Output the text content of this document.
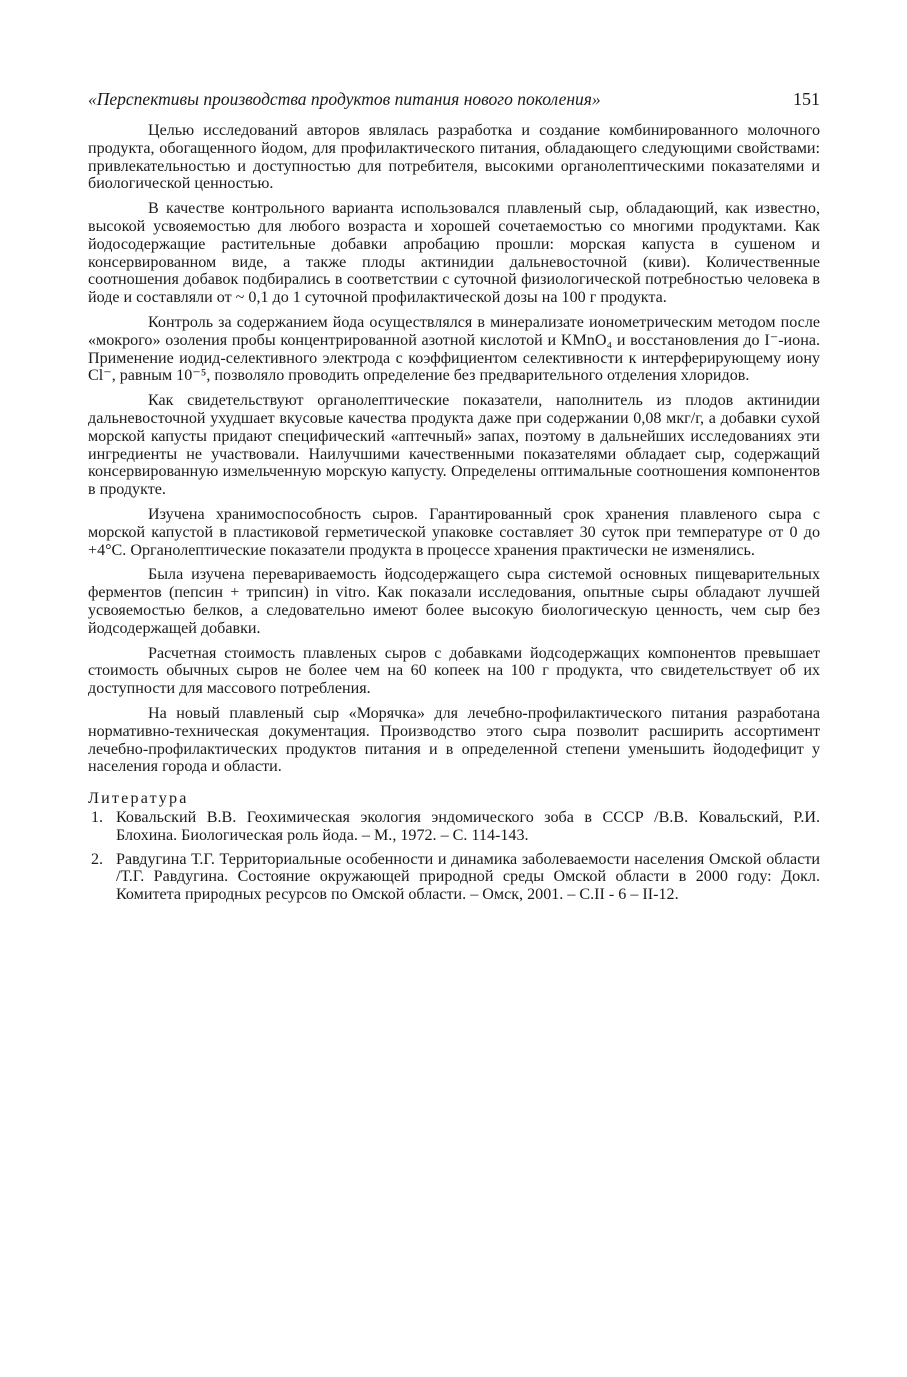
«Перспективы производства продуктов питания нового поколения»	151

Целью исследований авторов являлась разработка и создание комбинированного молочного продукта, обогащенного йодом, для профилактического питания, обладающего следующими свойствами: привлекательностью и доступностью для потребителя, высокими органолептическими показателями и биологической ценностью.

В качестве контрольного варианта использовался плавленый сыр, обладающий, как известно, высокой усвояемостью для любого возраста и хорошей сочетаемостью со многими продуктами. Как йодосодержащие растительные добавки апробацию прошли: морская капуста в сушеном и консервированном виде, а также плоды актинидии дальневосточной (киви). Количественные соотношения добавок подбирались в соответствии с суточной физиологической потребностью человека в йоде и составляли от ~ 0,1 до 1 суточной профилактической дозы на 100 г продукта.

Контроль за содержанием йода осуществлялся в минерализате ионометрическим методом после «мокрого» озоления пробы концентрированной азотной кислотой и KMnO₄ и восстановления до I⁻-иона. Применение иодид-селективного электрода с коэффициентом селективности к интерферирующему иону Cl⁻, равным 10⁻⁵, позволяло проводить определение без предварительного отделения хлоридов.

Как свидетельствуют органолептические показатели, наполнитель из плодов актинидии дальневосточной ухудшает вкусовые качества продукта даже при содержании 0,08 мкг/г, а добавки сухой морской капусты придают специфический «аптечный» запах, поэтому в дальнейших исследованиях эти ингредиенты не участвовали. Наилучшими качественными показателями обладает сыр, содержащий консервированную измельченную морскую капусту. Определены оптимальные соотношения компонентов в продукте.

Изучена хранимоспособность сыров. Гарантированный срок хранения плавленого сыра с морской капустой в пластиковой герметической упаковке составляет 30 суток при температуре от 0 до +4°С. Органолептические показатели продукта в процессе хранения практически не изменялись.

Была изучена перевариваемость йодсодержащего сыра системой основных пищеварительных ферментов (пепсин + трипсин) in vitro. Как показали исследования, опытные сыры обладают лучшей усвояемостью белков, а следовательно имеют более высокую биологическую ценность, чем сыр без йодсодержащей добавки.

Расчетная стоимость плавленых сыров с добавками йодсодержащих компонентов превышает стоимость обычных сыров не более чем на 60 копеек на 100 г продукта, что свидетельствует об их доступности для массового потребления.

На новый плавленый сыр «Морячка» для лечебно-профилактического питания разработана нормативно-техническая документация. Производство этого сыра позволит расширить ассортимент лечебно-профилактических продуктов питания и в определенной степени уменьшить йододефицит у населения города и области.

Литература
1. Ковальский В.В. Геохимическая экология эндомического зоба в СССР /В.В. Ковальский, Р.И. Блохина. Биологическая роль йода. – М., 1972. – С. 114-143.
2. Равдугина Т.Г. Территориальные особенности и динамика заболеваемости населения Омской области /Т.Г. Равдугина. Состояние окружающей природной среды Омской области в 2000 году: Докл. Комитета природных ресурсов по Омской области. – Омск, 2001. – С.II - 6 – II-12.
